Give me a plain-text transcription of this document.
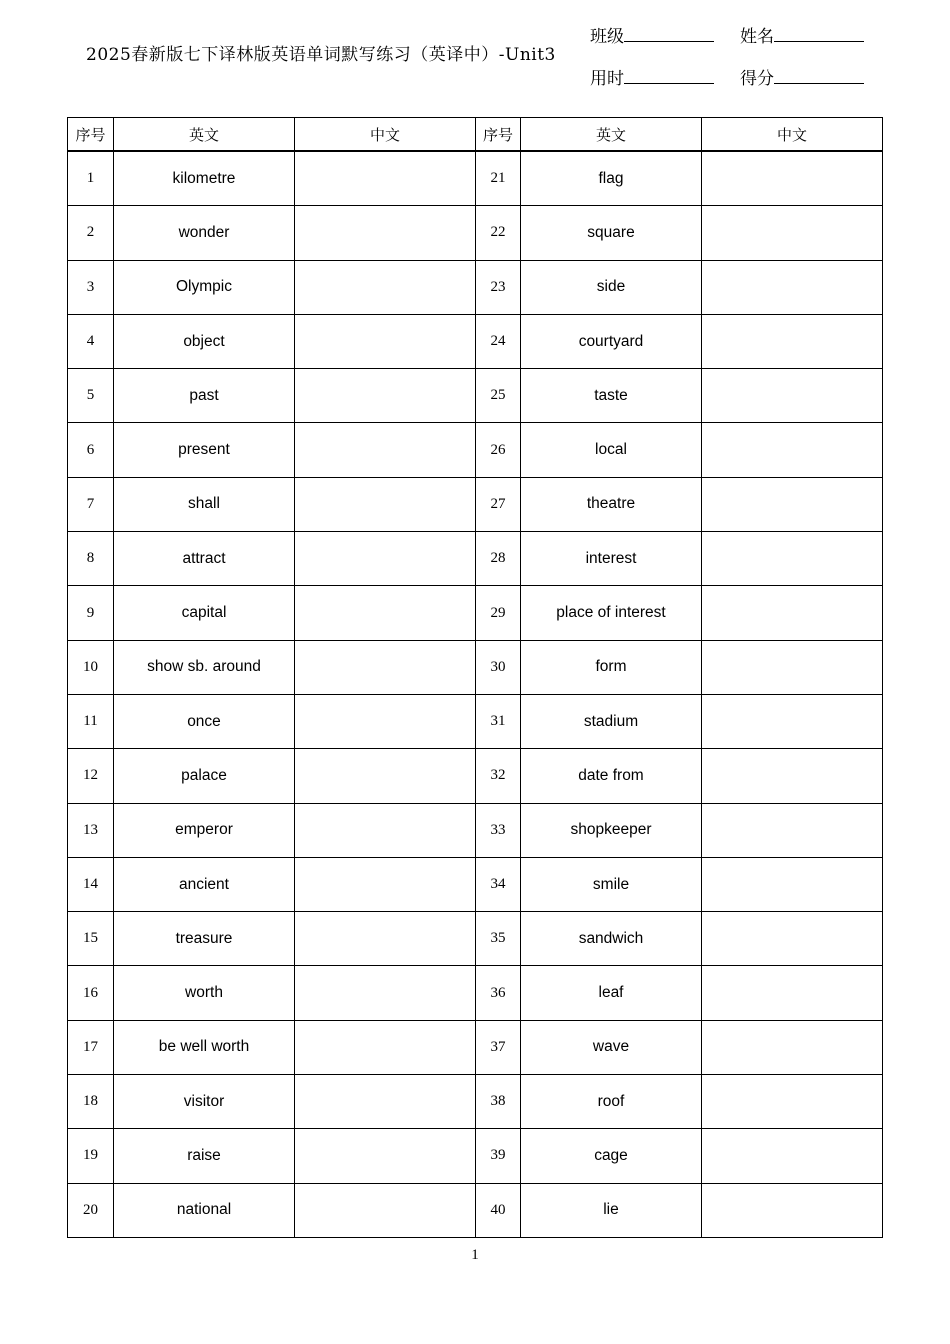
2025春新版七下译林版英语单词默写练习（英译中）-Unit3
班级	姓名
用时	得分
序号	英文	中文	序号	英文	中文
1	kilometre		21	flag	
2	wonder		22	square	
3	Olympic		23	side	
4	object		24	courtyard	
5	past		25	taste	
6	present		26	local	
7	shall		27	theatre	
8	attract		28	interest	
9	capital		29	place of interest	
10	show sb. around		30	form	
11	once		31	stadium	
12	palace		32	date from	
13	emperor		33	shopkeeper	
14	ancient		34	smile	
15	treasure		35	sandwich	
16	worth		36	leaf	
17	be well worth		37	wave	
18	visitor		38	roof	
19	raise		39	cage	
20	national		40	lie	
1
